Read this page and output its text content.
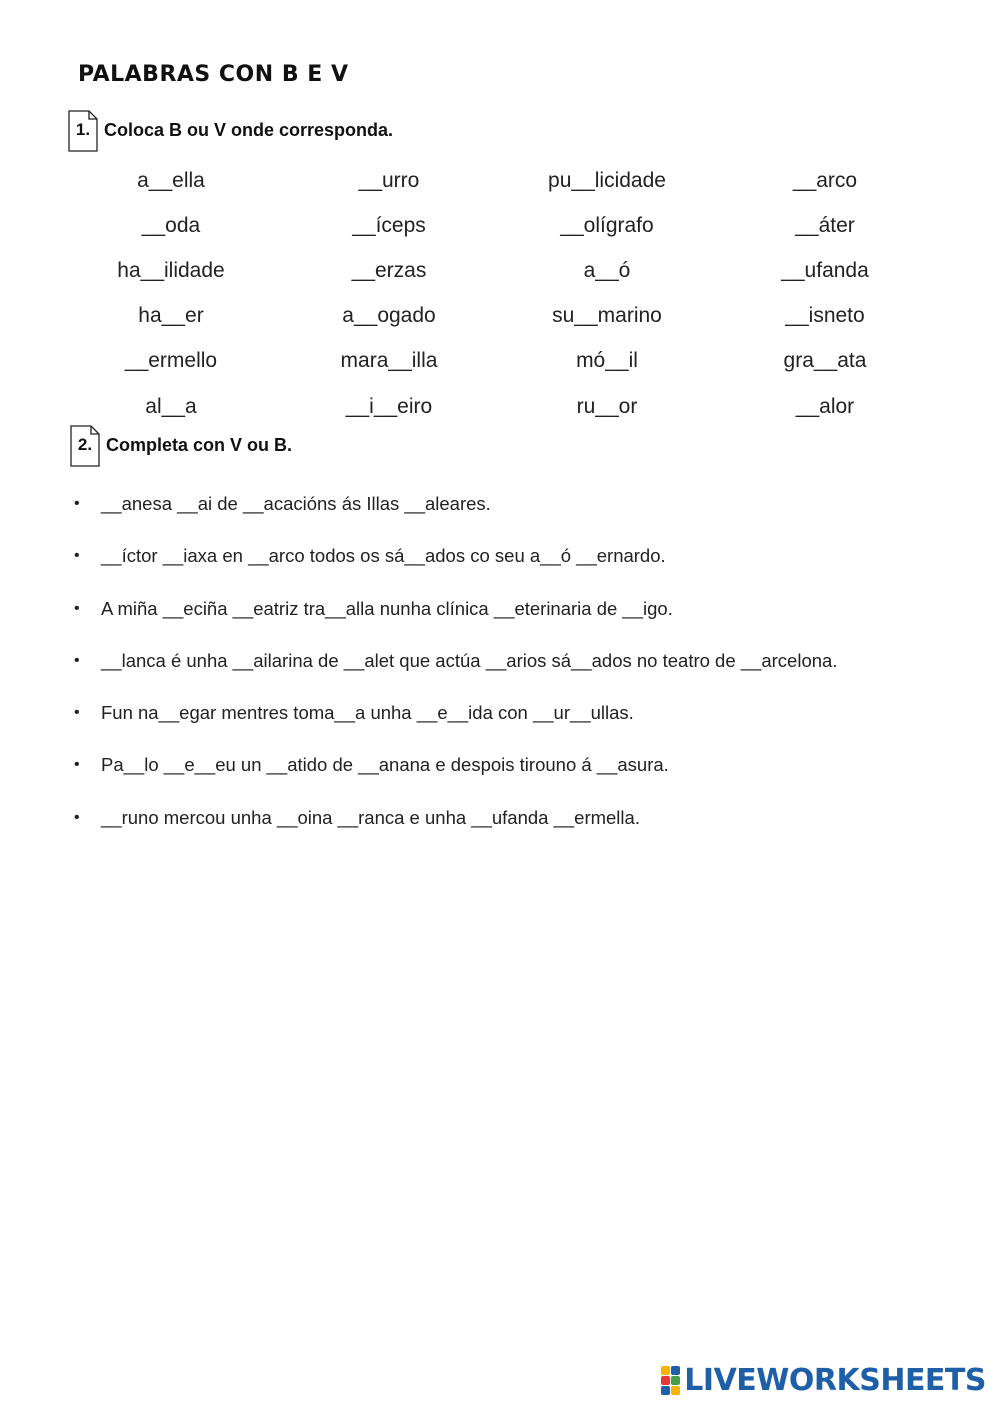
PALABRAS CON B E V
1. Coloca B ou V onde corresponda.
a__ella	__urro	pu__licidade	__arco
__oda	__íceps	__olígrafo	__áter
ha__ilidade	__erzas	a__ó	__ufanda
ha__er	a__ogado	su__marino	__isneto
__ermello	mara__illa	mó__il	gra__ata
al__a	__i__eiro	ru__or	__alor
2. Completa con V ou B.
•	__anesa __ai de __acacións ás Illas __aleares.
•	__íctor __iaxa en __arco todos os sá__ados co seu a__ó __ernardo.
•	A miña __eciña __eatriz tra__alla nunha clínica __eterinaria de __igo.
•	__lanca é unha __ailarina de __alet que actúa __arios sá__ados no teatro de __arcelona.
•	Fun na__egar mentres toma__a unha __e__ida con __ur__ullas.
•	Pa__lo __e__eu un __atido de __anana e despois tirouno á __asura.
•	__runo mercou unha __oina __ranca e unha __ufanda __ermella.
LIVEWORKSHEETS
